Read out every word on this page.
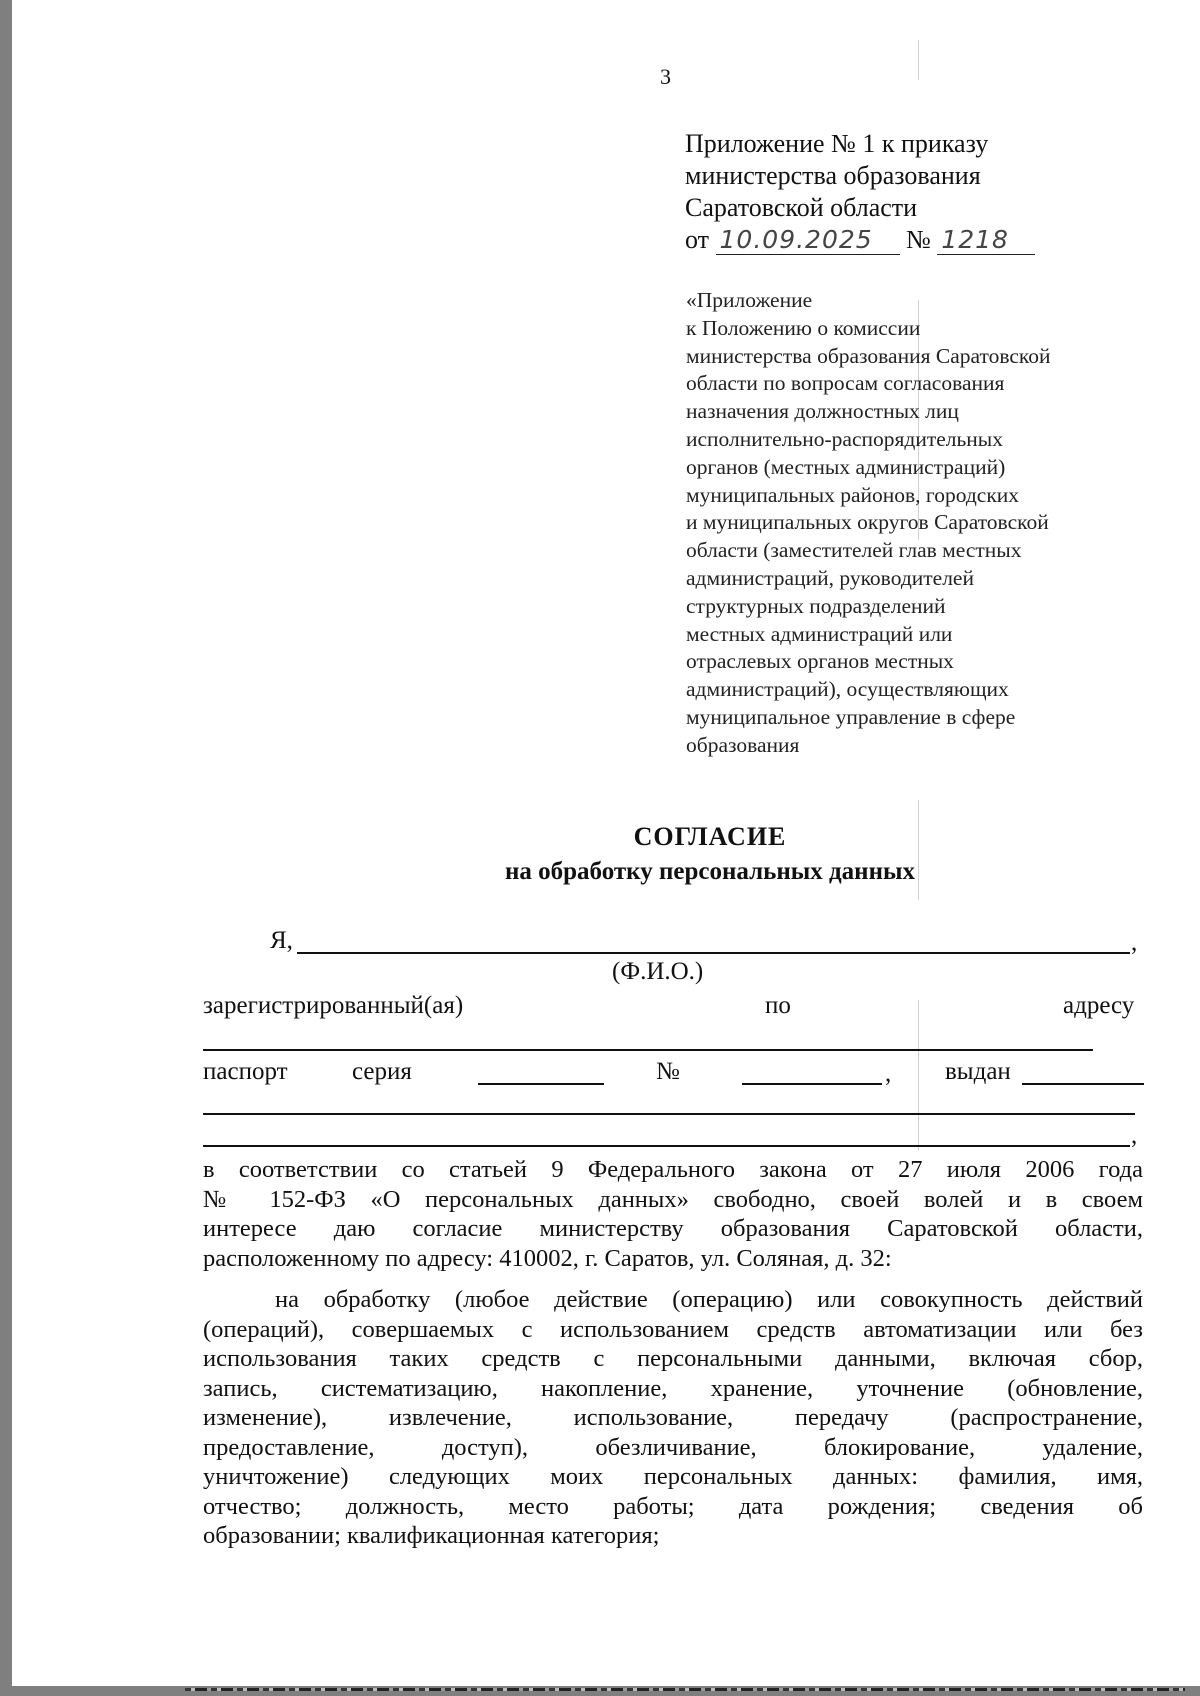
3
Приложение № 1 к приказу
министерства образования
Саратовской области
от 10.09.2025 № 1218
«Приложение
к Положению о комиссии
министерства образования Саратовской
области по вопросам согласования
назначения должностных лиц
исполнительно-распорядительных
органов (местных администраций)
муниципальных районов, городских
и муниципальных округов Саратовской
области (заместителей глав местных
администраций, руководителей
структурных подразделений
местных администраций или
отраслевых органов местных
администраций), осуществляющих
муниципальное управление в сфере
образования
СОГЛАСИЕ
на обработку персональных данных
Я,	,
(Ф.И.О.)
зарегистрированный(ая)	по	адресу
паспорт	серия	№	, выдан
,
в соответствии со статьей 9 Федерального закона от 27 июля 2006 года
№ 152-ФЗ «О персональных данных» свободно, своей волей и в своем
интересе даю согласие министерству образования Саратовской области,
расположенному по адресу: 410002, г. Саратов, ул. Соляная, д. 32:
на обработку (любое действие (операцию) или совокупность действий
(операций), совершаемых с использованием средств автоматизации или без
использования таких средств с персональными данными, включая сбор,
запись, систематизацию, накопление, хранение, уточнение (обновление,
изменение), извлечение, использование, передачу (распространение,
предоставление, доступ), обезличивание, блокирование, удаление,
уничтожение) следующих моих персональных данных: фамилия, имя,
отчество; должность, место работы; дата рождения; сведения об
образовании; квалификационная категория;
